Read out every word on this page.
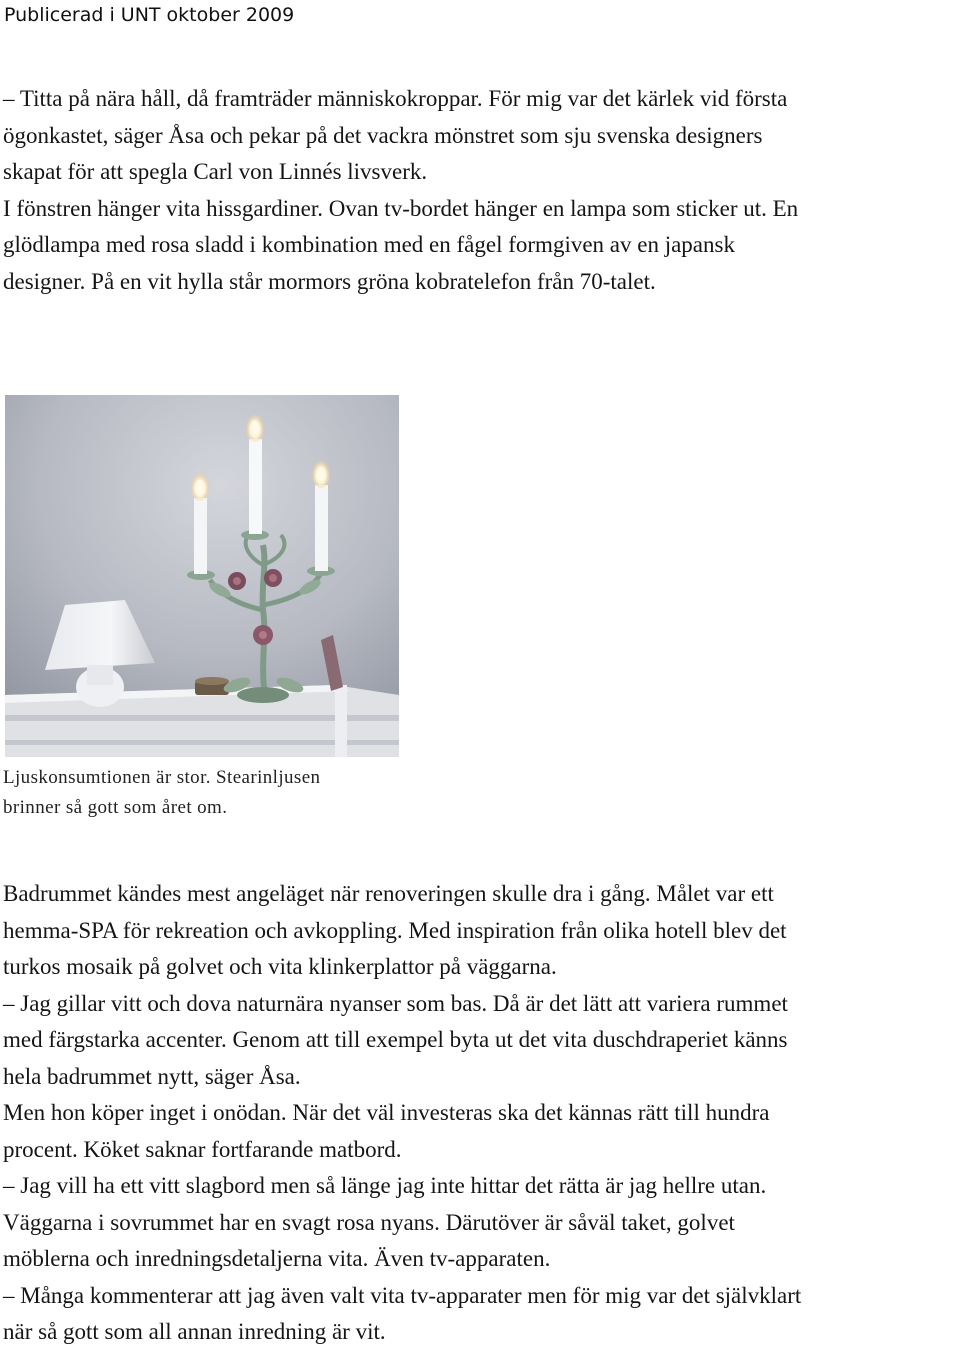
Publicerad i UNT oktober 2009

– Titta på nära håll, då framträder människokroppar. För mig var det kärlek vid första

ögonkastet, säger Åsa och pekar på det vackra mönstret som sju svenska designers

skapat för att spegla Carl von Linnés livsverk.

I fönstren hänger vita hissgardiner. Ovan tv-bordet hänger en lampa som sticker ut. En

glödlampa med rosa sladd i kombination med en fågel formgiven av en japansk

designer. På en vit hylla står mormors gröna kobratelefon från 70-talet.

Ljuskonsumtionen är stor. Stearinljusen

brinner så gott som året om.

Badrummet kändes mest angeläget när renoveringen skulle dra i gång. Målet var ett

hemma-SPA för rekreation och avkoppling. Med inspiration från olika hotell blev det

turkos mosaik på golvet och vita klinkerplattor på väggarna.

– Jag gillar vitt och dova naturnära nyanser som bas. Då är det lätt att variera rummet

med färgstarka accenter. Genom att till exempel byta ut det vita duschdraperiet känns

hela badrummet nytt, säger Åsa.

Men hon köper inget i onödan. När det väl investeras ska det kännas rätt till hundra

procent. Köket saknar fortfarande matbord.

– Jag vill ha ett vitt slagbord men så länge jag inte hittar det rätta är jag hellre utan.

Väggarna i sovrummet har en svagt rosa nyans. Därutöver är såväl taket, golvet

möblerna och inredningsdetaljerna vita. Även tv-apparaten.

– Många kommenterar att jag även valt vita tv-apparater men för mig var det självklart

när så gott som all annan inredning är vit.
